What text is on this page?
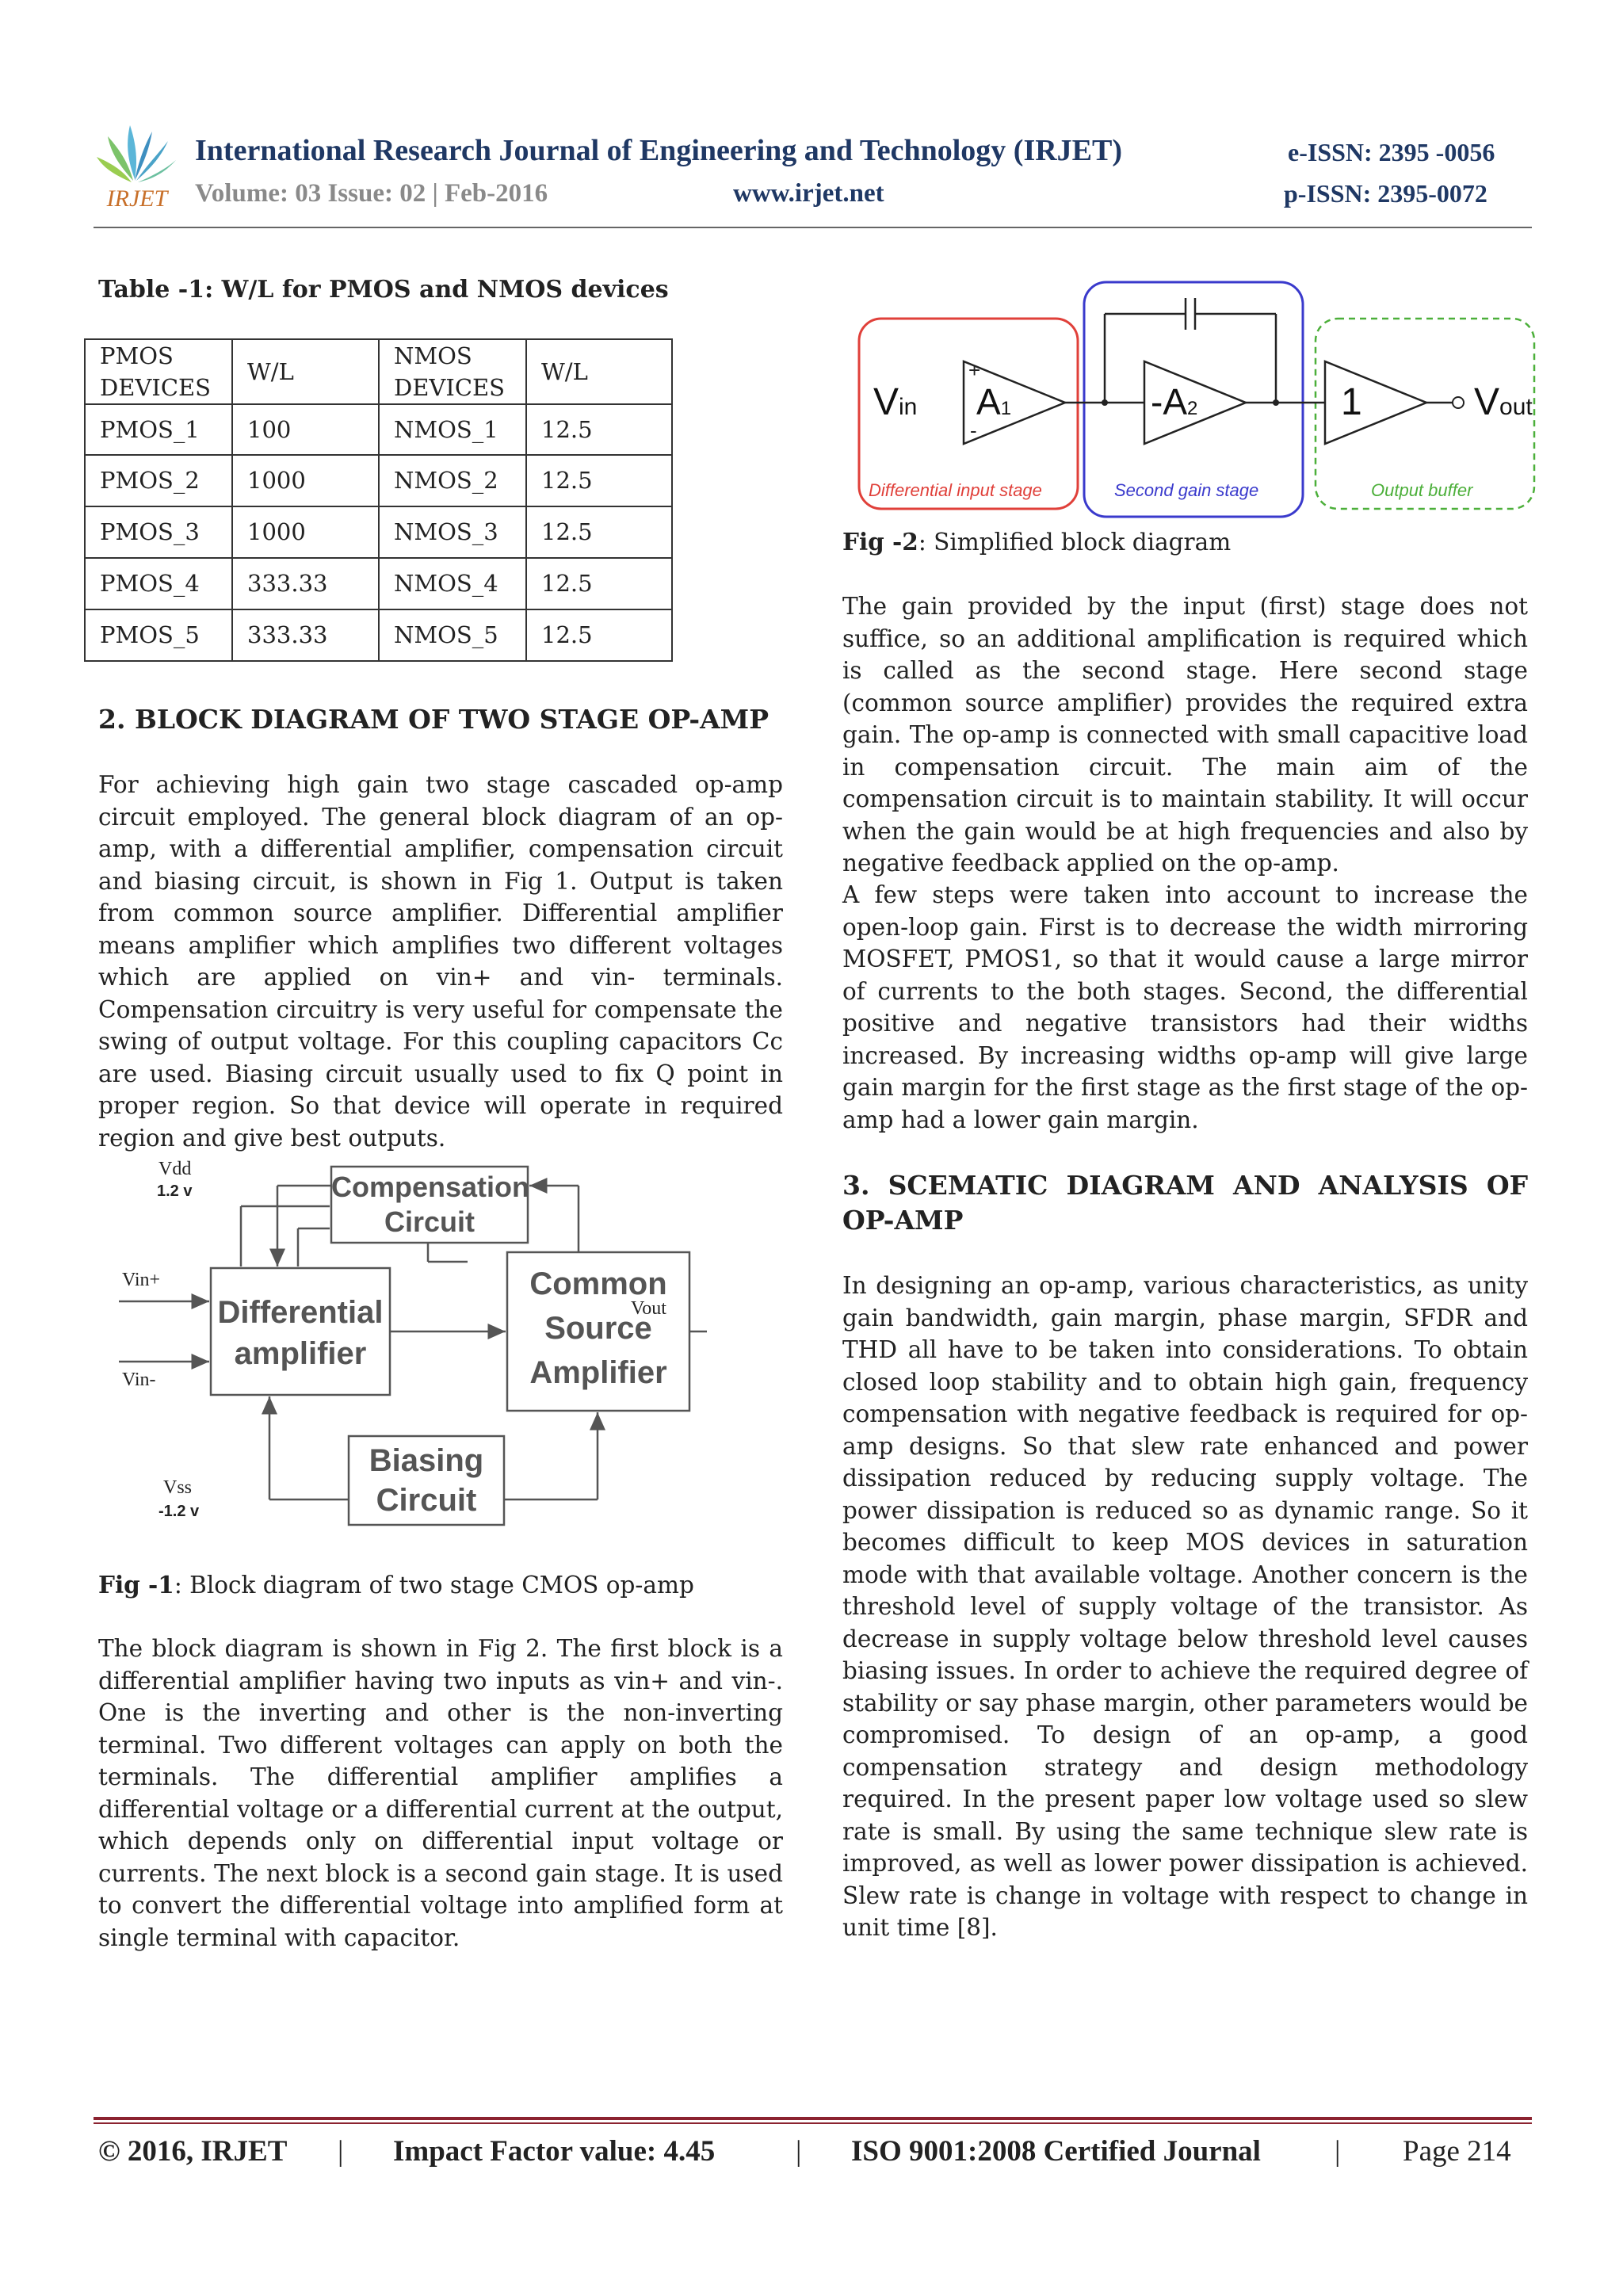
IRJET
International Research Journal of Engineering and Technology (IRJET)	e-ISSN: 2395 -0056
Volume: 03 Issue: 02 | Feb-2016	www.irjet.net	p-ISSN: 2395-0072
Table -1: W/L for PMOS and NMOS devices
PMOS DEVICES	W/L	NMOS DEVICES	W/L
PMOS_1	100	NMOS_1	12.5
PMOS_2	1000	NMOS_2	12.5
PMOS_3	1000	NMOS_3	12.5
PMOS_4	333.33	NMOS_4	12.5
PMOS_5	333.33	NMOS_5	12.5
2. BLOCK DIAGRAM OF TWO STAGE OP-AMP
For achieving high gain two stage cascaded op-amp circuit employed. The general block diagram of an op-amp, with a differential amplifier, compensation circuit and biasing circuit, is shown in Fig 1. Output is taken from common source amplifier. Differential amplifier means amplifier which amplifies two different voltages which are applied on vin+ and vin- terminals. Compensation circuitry is very useful for compensate the swing of output voltage. For this coupling capacitors Cc are used. Biasing circuit usually used to fix Q point in proper region. So that device will operate in required region and give best outputs.
Vdd
1.2 v
Vin+
Vin-
Vout
Vss
-1.2 v
Compensation
Circuit
Differential
amplifier
Common
Source
Amplifier
Biasing
Circuit
Fig -1: Block diagram of two stage CMOS op-amp
The block diagram is shown in Fig 2. The first block is a differential amplifier having two inputs as vin+ and vin-. One is the inverting and other is the non-inverting terminal. Two different voltages can apply on both the terminals. The differential amplifier amplifies a differential voltage or a differential current at the output, which depends only on differential input voltage or currents. The next block is a second gain stage. It is used to convert the differential voltage into amplified form at single terminal with capacitor.
Vin
+
-
A1	-A2	1	Vout
Differential input stage	Second gain stage	Output buffer
Fig -2: Simplified block diagram
The gain provided by the input (first) stage does not suffice, so an additional amplification is required which is called as the second stage. Here second stage (common source amplifier) provides the required extra gain. The op-amp is connected with small capacitive load in compensation circuit. The main aim of the compensation circuit is to maintain stability. It will occur when the gain would be at high frequencies and also by negative feedback applied on the op-amp.
A few steps were taken into account to increase the open-loop gain. First is to decrease the width mirroring MOSFET, PMOS1, so that it would cause a large mirror of currents to the both stages. Second, the differential positive and negative transistors had their widths increased. By increasing widths op-amp will give large gain margin for the first stage as the first stage of the op-amp had a lower gain margin.
3. SCEMATIC DIAGRAM AND ANALYSIS OF OP-AMP
In designing an op-amp, various characteristics, as unity gain bandwidth, gain margin, phase margin, SFDR and THD all have to be taken into considerations. To obtain closed loop stability and to obtain high gain, frequency compensation with negative feedback is required for op-amp designs. So that slew rate enhanced and power dissipation reduced by reducing supply voltage. The power dissipation is reduced so as dynamic range. So it becomes difficult to keep MOS devices in saturation mode with that available voltage. Another concern is the threshold level of supply voltage of the transistor. As decrease in supply voltage below threshold level causes biasing issues. In order to achieve the required degree of stability or say phase margin, other parameters would be compromised. To design of an op-amp, a good compensation strategy and design methodology required. In the present paper low voltage used so slew rate is small. By using the same technique slew rate is improved, as well as lower power dissipation is achieved. Slew rate is change in voltage with respect to change in unit time [8].
© 2016, IRJET | Impact Factor value: 4.45	| ISO 9001:2008 Certified Journal	| Page 214
